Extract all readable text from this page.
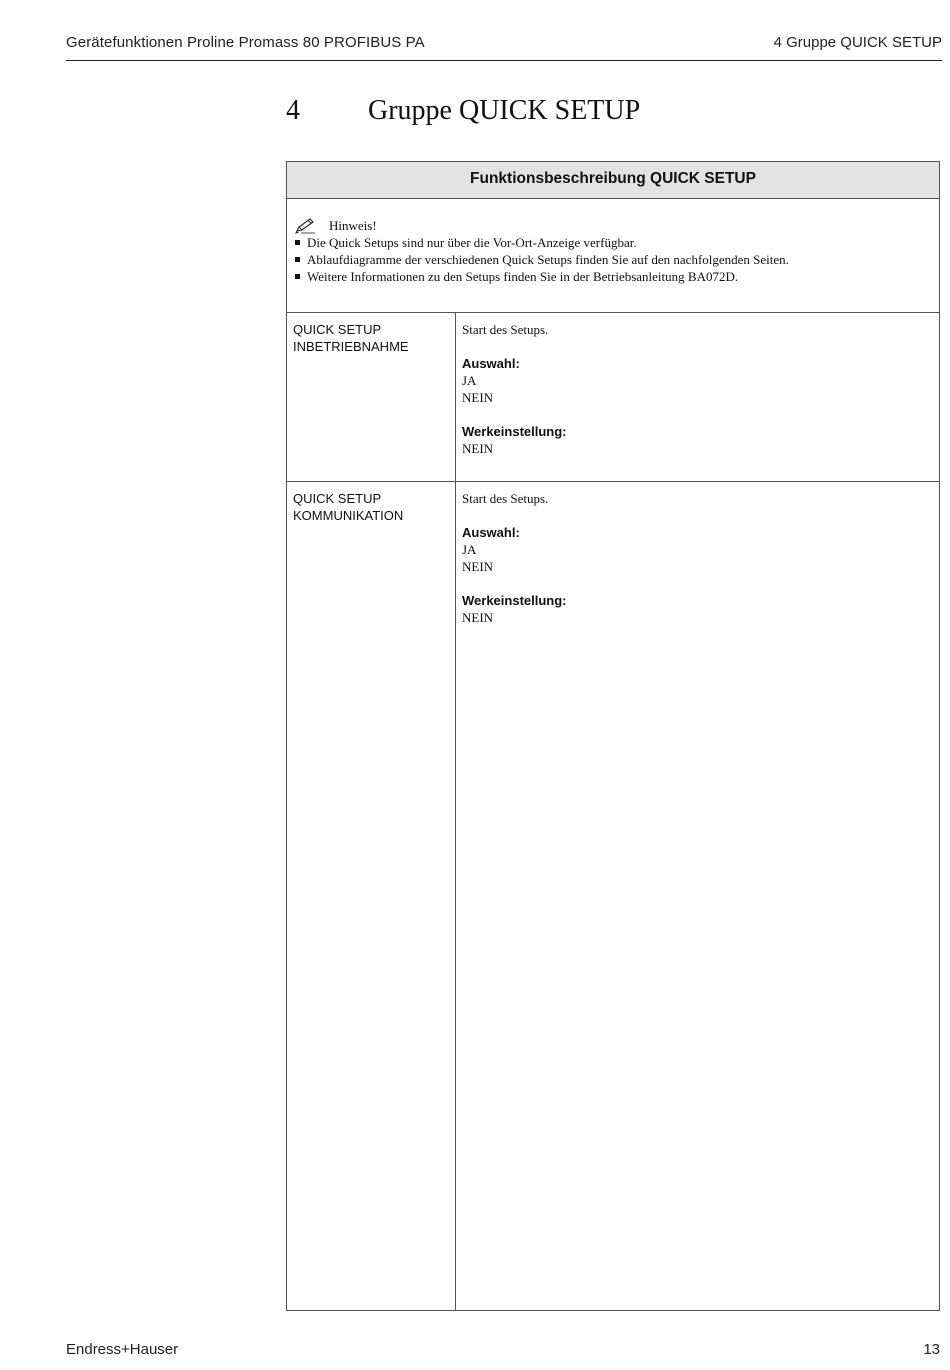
Gerätefunktionen Proline Promass 80 PROFIBUS PA	4 Gruppe QUICK SETUP
4	Gruppe QUICK SETUP
Funktionsbeschreibung QUICK SETUP
Hinweis!
Die Quick Setups sind nur über die Vor-Ort-Anzeige verfügbar.
Ablaufdiagramme der verschiedenen Quick Setups finden Sie auf den nachfolgenden Seiten.
Weitere Informationen zu den Setups finden Sie in der Betriebsanleitung BA072D.
QUICK SETUP INBETRIEBNAHME
Start des Setups.
Auswahl:
JA
NEIN
Werkeinstellung:
NEIN
QUICK SETUP KOMMUNIKATION
Start des Setups.
Auswahl:
JA
NEIN
Werkeinstellung:
NEIN
Endress+Hauser	13
